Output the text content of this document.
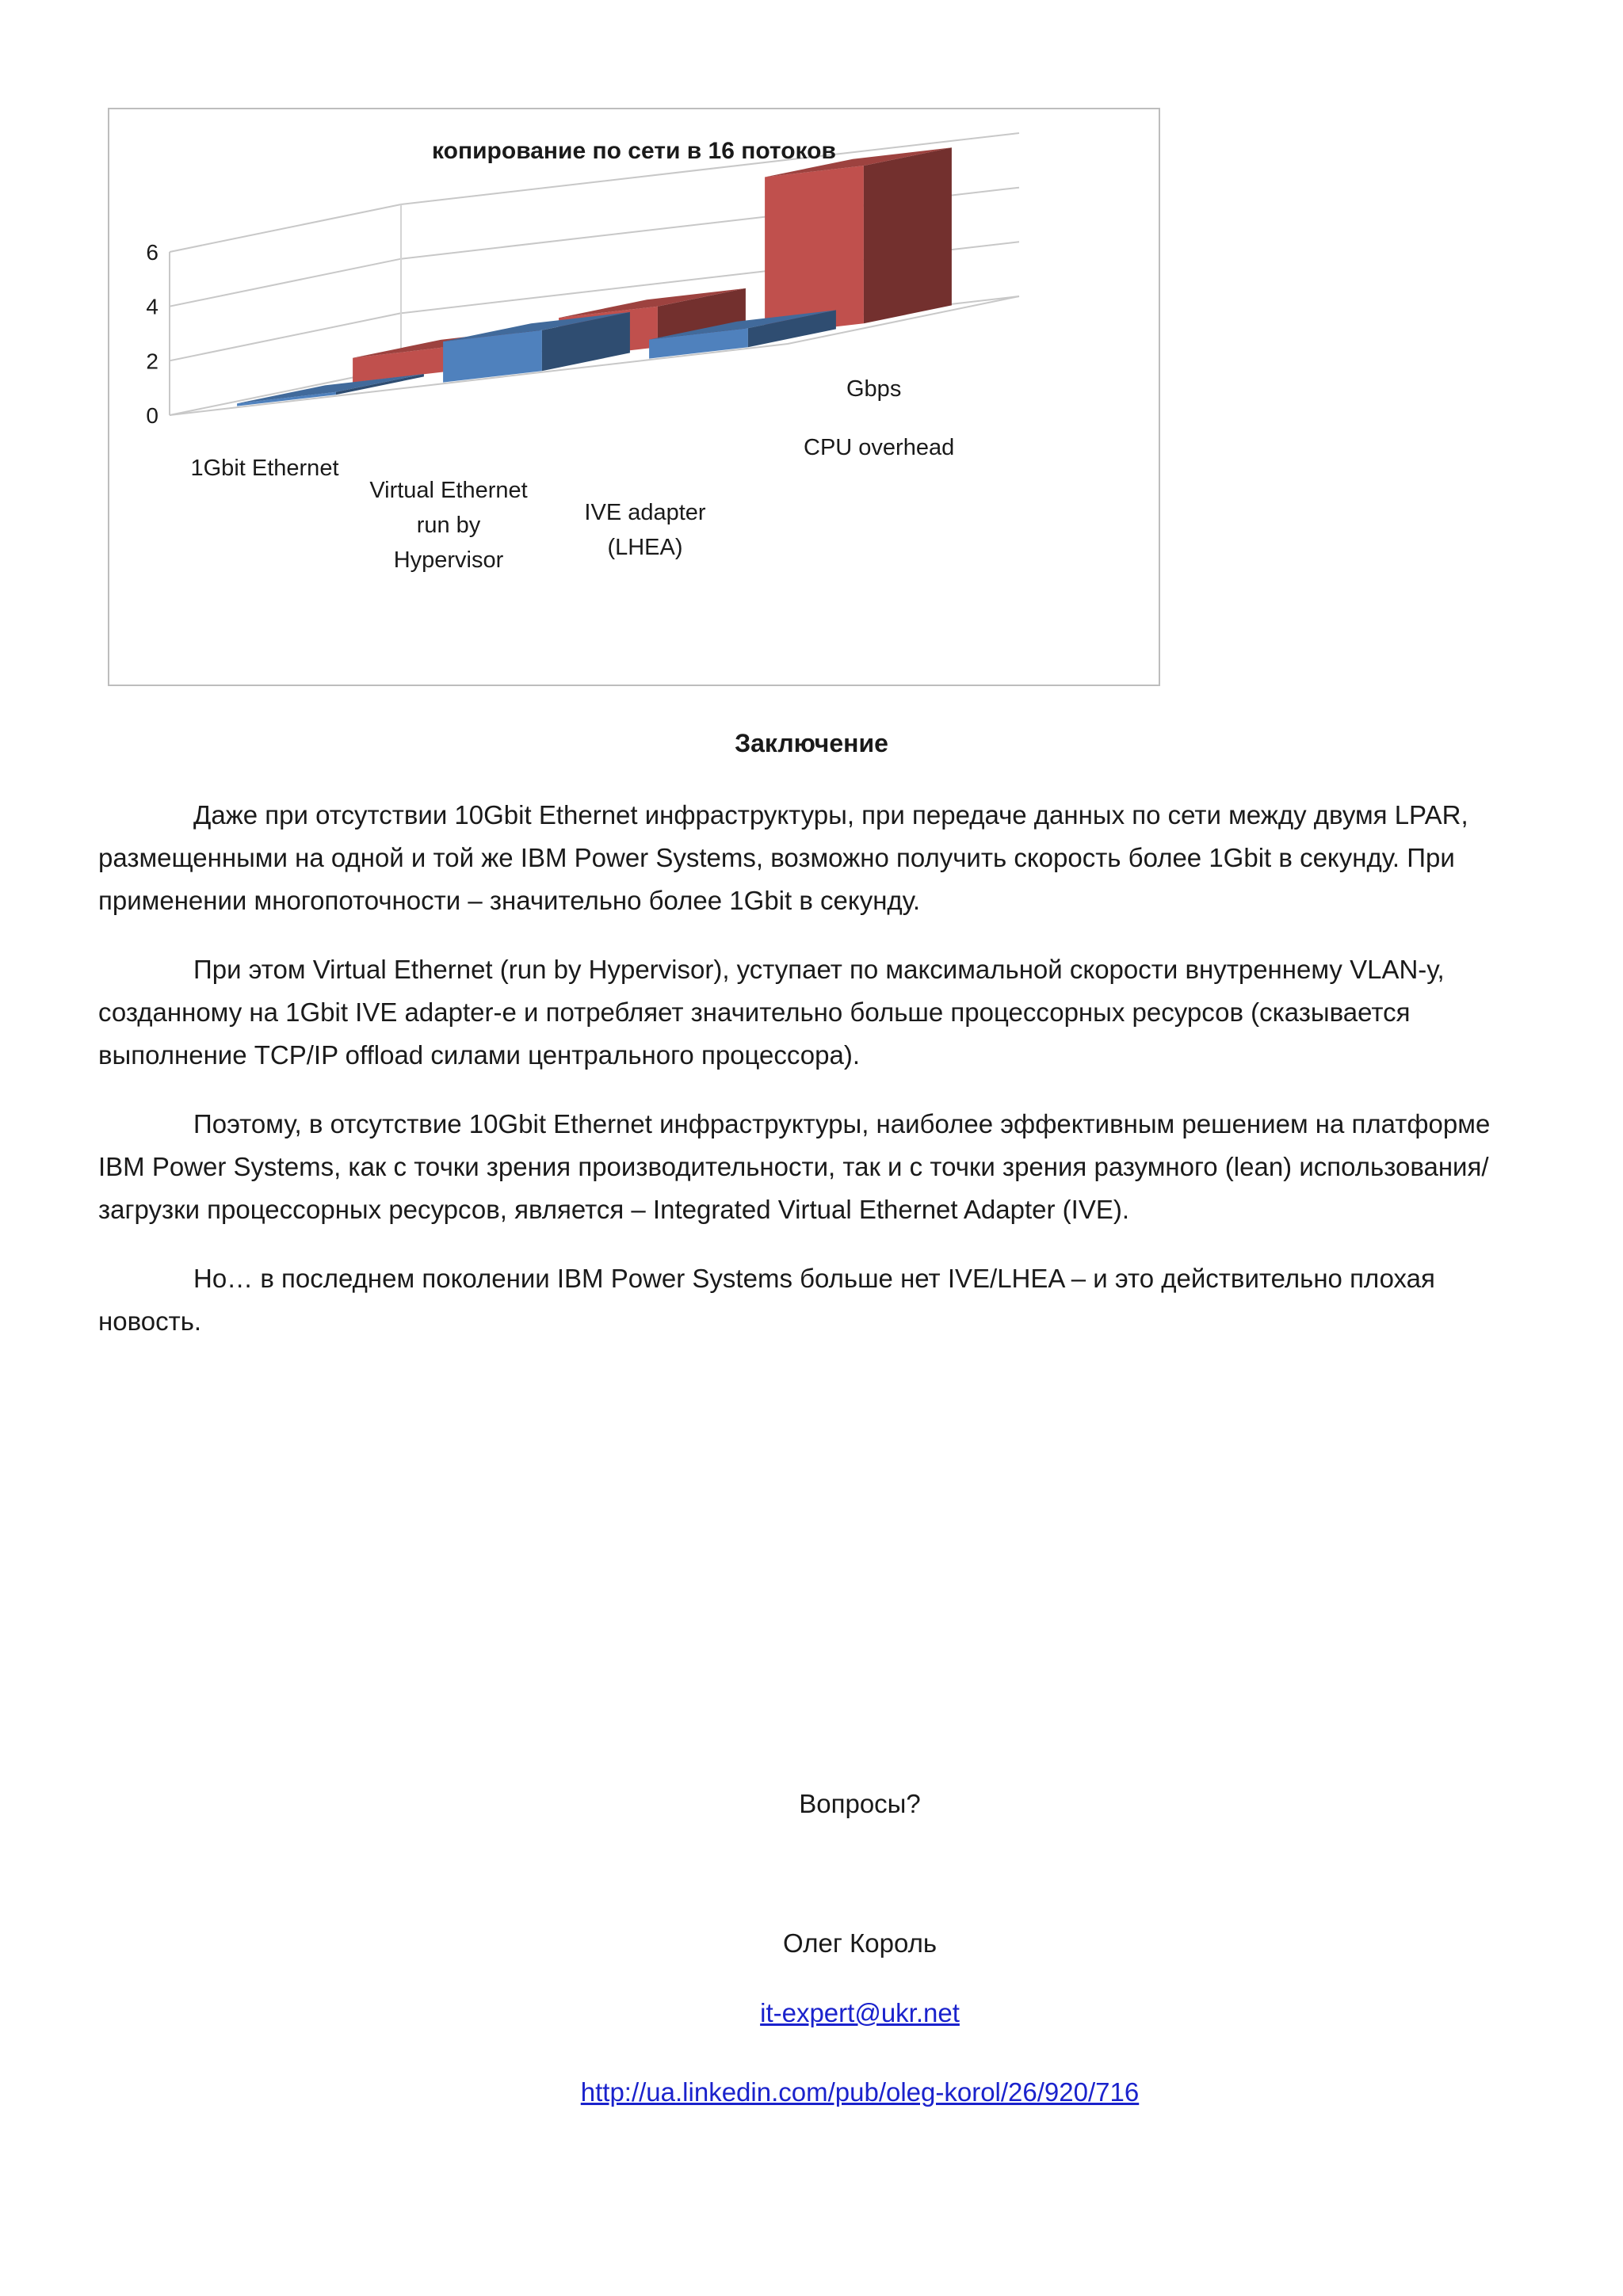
0
2
4
6
копирование по сети в 16 потоков
1Gbit Ethernet
Virtual Ethernet run by Hypervisor
IVE adapter (LHEA)
CPU overhead
Gbps
Заключение

Даже при отсутствии 10Gbit Ethernet инфраструктуры, при передаче данных по сети между двумя LPAR, размещенными на одной и той же IBM Power Systems, возможно получить скорость более 1Gbit в секунду. При применении многопоточности – значительно более 1Gbit в секунду.

При этом Virtual Ethernet (run by Hypervisor), уступает по максимальной скорости внутреннему VLAN-у, созданному на 1Gbit IVE adapter-e и потребляет значительно больше процессорных ресурсов (сказывается выполнение TCP/IP offload силами центрального процессора).

Поэтому, в отсутствие 10Gbit Ethernet инфраструктуры, наиболее эффективным решением на платформе IBM Power Systems, как с точки зрения производительности, так и с точки зрения разумного (lean) использования/загрузки процессорных ресурсов, является – Integrated Virtual Ethernet Adapter (IVE).

Но… в последнем поколении IBM Power Systems больше нет IVE/LHEA – и это действительно плохая новость.

Вопросы?
Олег Король
it-expert@ukr.net
http://ua.linkedin.com/pub/oleg-korol/26/920/716
